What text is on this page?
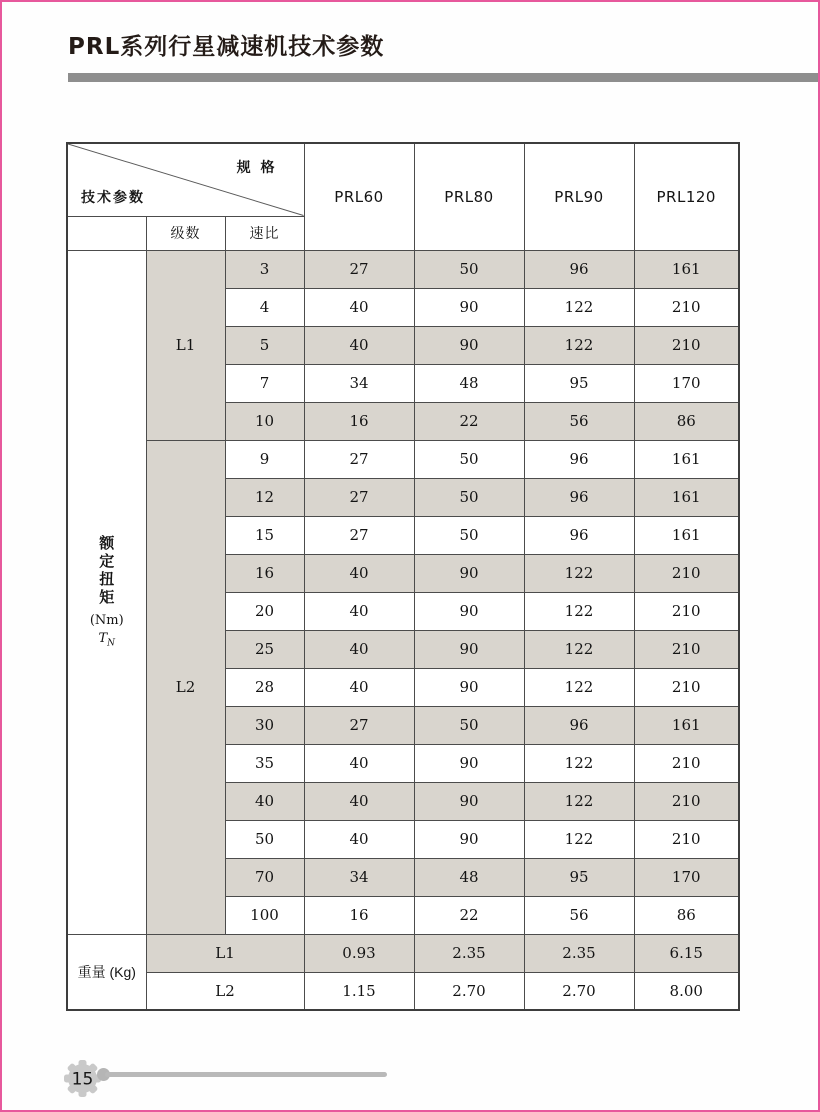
PRL系列行星减速机技术参数
规 格
技术参数			PRL60	PRL80	PRL90	PRL120
	级数	速比				

额定扭矩
(Nm)
$T_N$	L1	3	27	50	96	161
		4	40	90	122	210
		5	40	90	122	210
		7	34	48	95	170
		10	16	22	56	86
	L2	9	27	50	96	161
		12	27	50	96	161
		15	27	50	96	161
		16	40	90	122	210
		20	40	90	122	210
		25	40	90	122	210
		28	40	90	122	210
		30	27	50	96	161
		35	40	90	122	210
		40	40	90	122	210
		50	40	90	122	210
		70	34	48	95	170
		100	16	22	56	86
重量 (Kg)	L1		0.93	2.35	2.35	6.15
	L2		1.15	2.70	2.70	8.00
15
